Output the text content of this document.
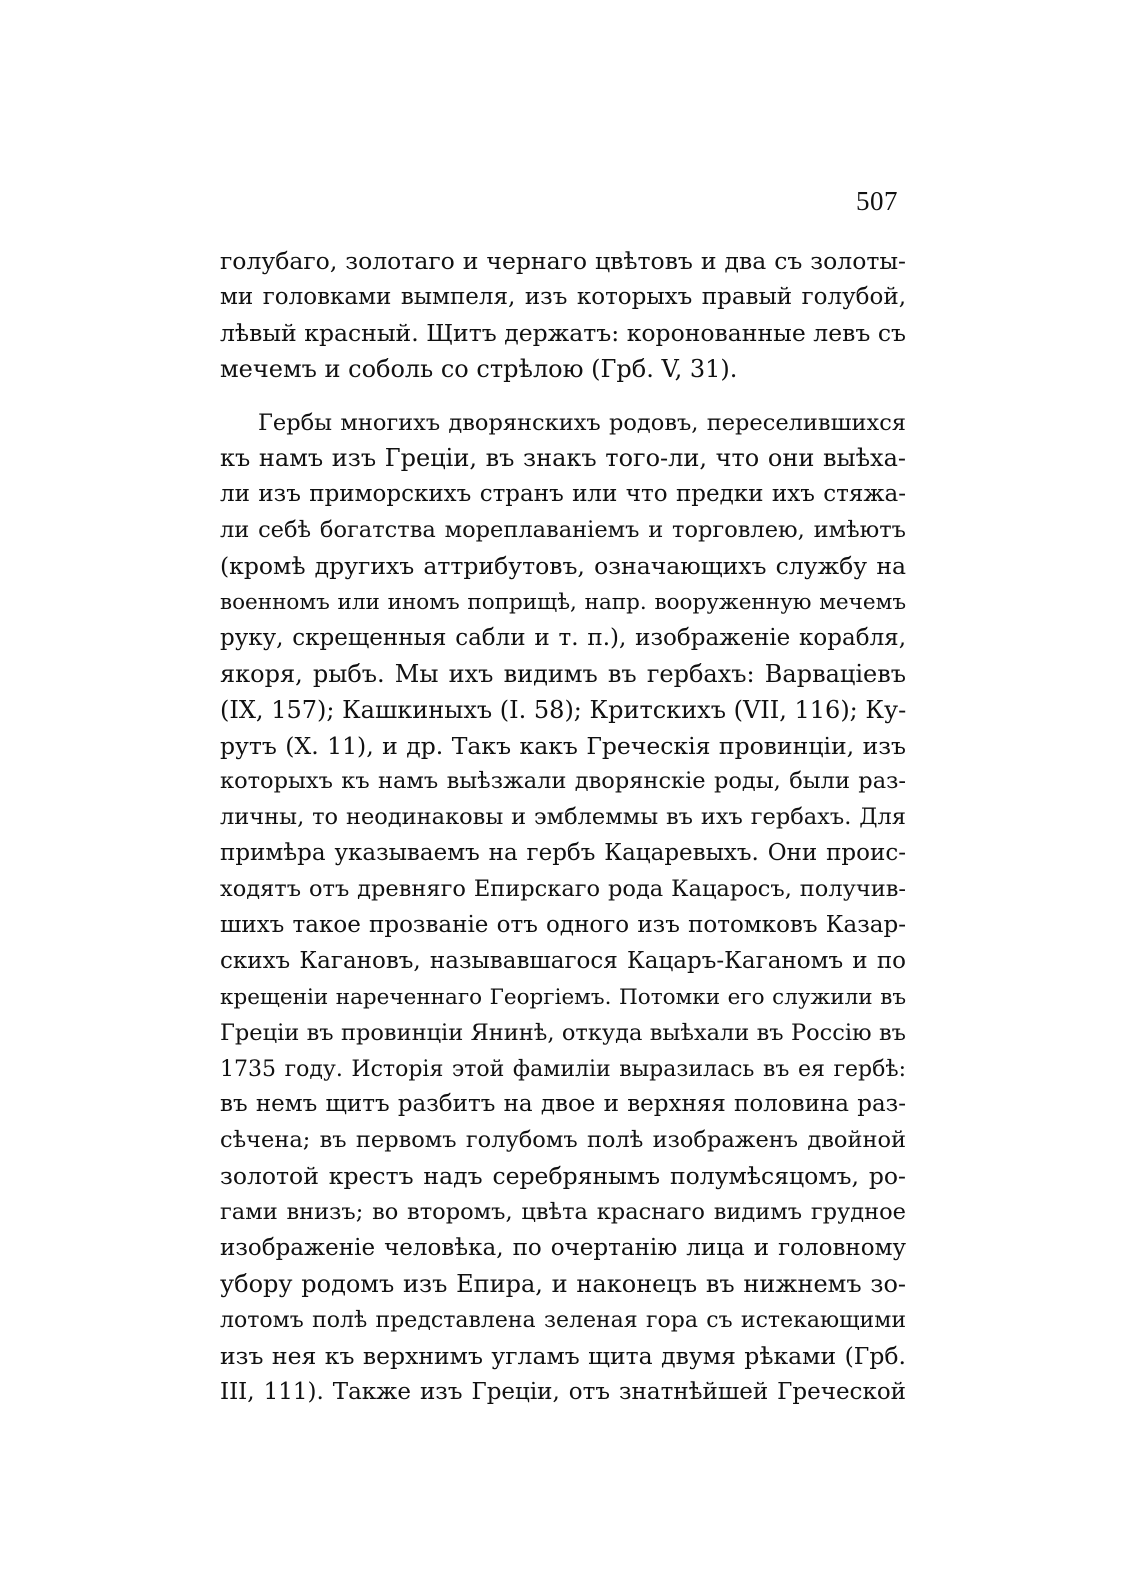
507
голубаго, золотаго и чернаго цвѣтовъ и два съ золоты-
ми головками вымпеля, изъ которыхъ правый голубой,
лѣвый красный. Щитъ держатъ: коронованные левъ съ
мечемъ и соболь со стрѣлою (Грб. V, 31).
Гербы многихъ дворянскихъ родовъ, переселившихся
къ намъ изъ Греціи, въ знакъ того-ли, что они выѣха-
ли изъ приморскихъ странъ или что предки ихъ стяжа-
ли себѣ богатства мореплаваніемъ и торговлею, имѣютъ
(кромѣ другихъ аттрибутовъ, означающихъ службу на
военномъ или иномъ поприщѣ, напр. вооруженную мечемъ
руку, скрещенныя сабли и т. п.), изображеніе корабля,
якоря, рыбъ. Мы ихъ видимъ въ гербахъ: Варваціевъ
(IX, 157); Кашкиныхъ (I. 58); Критскихъ (VII, 116); Ку-
рутъ (X. 11), и др. Такъ какъ Греческія провинціи, изъ
которыхъ къ намъ выѣзжали дворянскіе роды, были раз-
личны, то неодинаковы и эмблеммы въ ихъ гербахъ. Для
примѣра указываемъ на гербъ Кацаревыхъ. Они проис-
ходятъ отъ древняго Епирскаго рода Кацаросъ, получив-
шихъ такое прозваніе отъ одного изъ потомковъ Казар-
скихъ Кагановъ, называвшагося Кацаръ-Каганомъ и по
крещеніи нареченнаго Георгіемъ. Потомки его служили въ
Греціи въ провинціи Янинѣ, откуда выѣхали въ Россію въ
1735 году. Исторія этой фамиліи выразилась въ ея гербѣ:
въ немъ щитъ разбитъ на двое и верхняя половина раз-
сѣчена; въ первомъ голубомъ полѣ изображенъ двойной
золотой крестъ надъ серебрянымъ полумѣсяцомъ, ро-
гами внизъ; во второмъ, цвѣта краснаго видимъ грудное
изображеніе человѣка, по очертанію лица и головному
убору родомъ изъ Епира, и наконецъ въ нижнемъ зо-
лотомъ полѣ представлена зеленая гора съ истекающими
изъ нея къ верхнимъ угламъ щита двумя рѣками (Грб.
III, 111). Также изъ Греціи, отъ знатнѣйшей Греческой
